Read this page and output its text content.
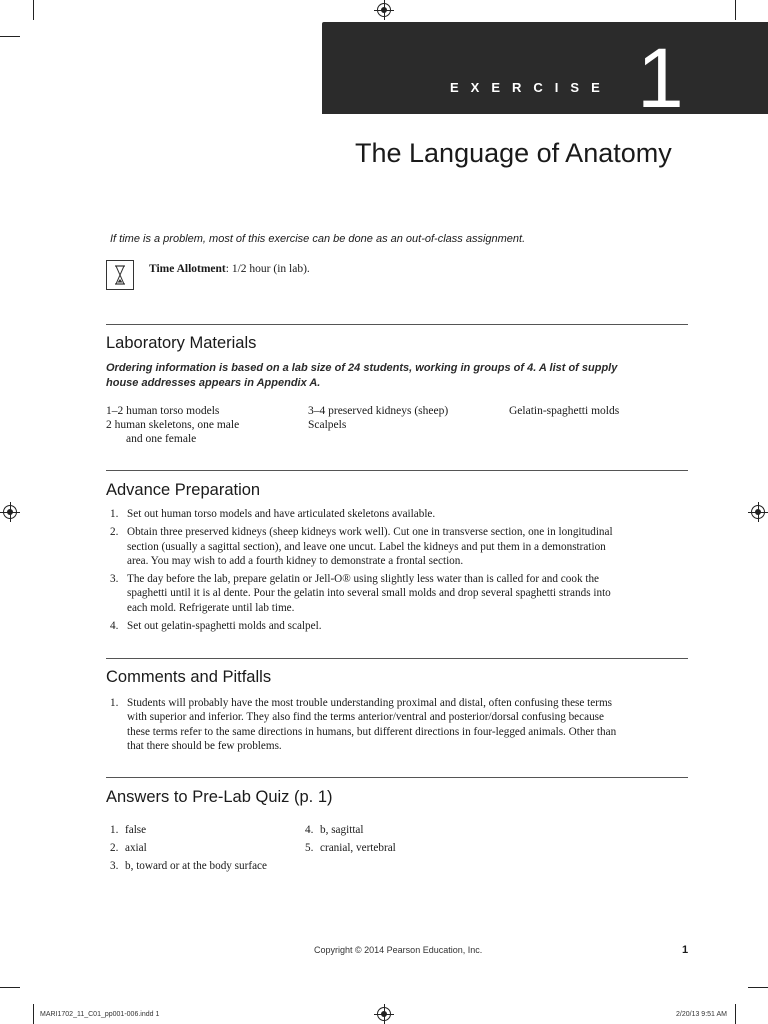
EXERCISE 1
The Language of Anatomy
If time is a problem, most of this exercise can be done as an out-of-class assignment.
Time Allotment: 1/2 hour (in lab).
Laboratory Materials
Ordering information is based on a lab size of 24 students, working in groups of 4. A list of supply house addresses appears in Appendix A.
1–2 human torso models
2 human skeletons, one male
and one female
3–4 preserved kidneys (sheep)
Scalpels
Gelatin-spaghetti molds
Advance Preparation
1. Set out human torso models and have articulated skeletons available.
2. Obtain three preserved kidneys (sheep kidneys work well). Cut one in transverse section, one in longitudinal section (usually a sagittal section), and leave one uncut. Label the kidneys and put them in a demonstration area. You may wish to add a fourth kidney to demonstrate a frontal section.
3. The day before the lab, prepare gelatin or Jell-O® using slightly less water than is called for and cook the spaghetti until it is al dente. Pour the gelatin into several small molds and drop several spaghetti strands into each mold. Refrigerate until lab time.
4. Set out gelatin-spaghetti molds and scalpel.
Comments and Pitfalls
1. Students will probably have the most trouble understanding proximal and distal, often confusing these terms with superior and inferior. They also find the terms anterior/ventral and posterior/dorsal confusing because these terms refer to the same directions in humans, but different directions in four-legged animals. Other than that there should be few problems.
Answers to Pre-Lab Quiz (p. 1)
1. false
2. axial
3. b, toward or at the body surface
4. b, sagittal
5. cranial, vertebral
Copyright © 2014 Pearson Education, Inc.	1
MARI1702_11_C01_pp001-006.indd 1	2/20/13 9:51 AM
